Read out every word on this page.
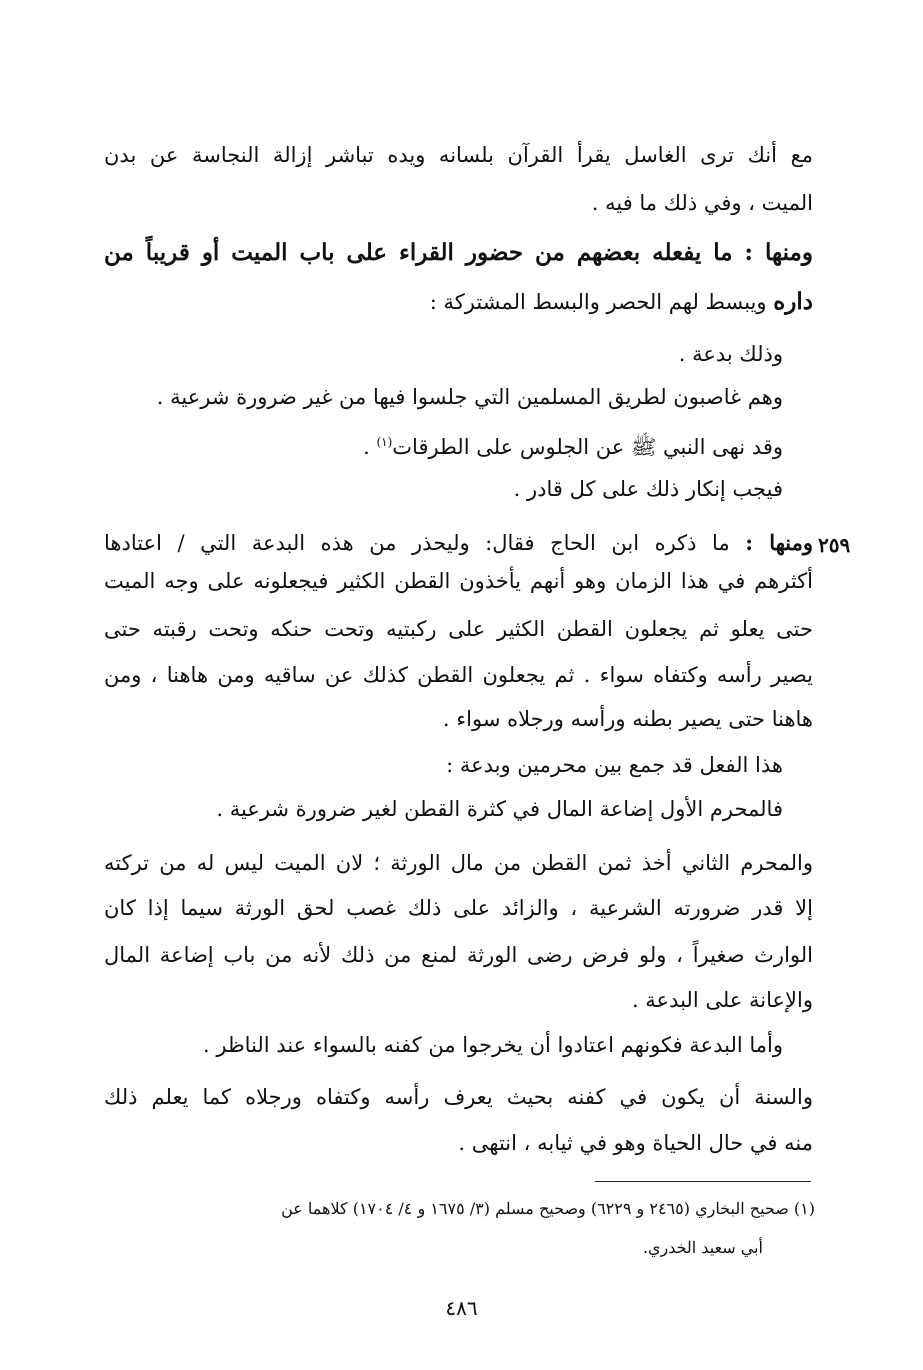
مع أنك ترى الغاسل يقرأ القرآن بلسانه ويده تباشر إزالة النجاسة عن بدن
الميت ، وفي ذلك ما فيه .
ومنها : ما يفعله بعضهم من حضور القراء على باب الميت أو قريباً من
داره ويبسط لهم الحصر والبسط المشتركة :
وذلك بدعة .
وهم غاصبون لطريق المسلمين التي جلسوا فيها من غير ضرورة شرعية .
وقد نهى النبي ﷺ عن الجلوس على الطرقات$^{(١)}$ .
فيجب إنكار ذلك على كل قادر .
٢٥٩
ومنها : ما ذكره ابن الحاج فقال: وليحذر من هذه البدعة التي / اعتادها
أكثرهم في هذا الزمان وهو أنهم يأخذون القطن الكثير فيجعلونه على وجه الميت
حتى يعلو ثم يجعلون القطن الكثير على ركبتيه وتحت حنكه وتحت رقبته حتى
يصير رأسه وكتفاه سواء . ثم يجعلون القطن كذلك عن ساقيه ومن هاهنا ، ومن
هاهنا حتى يصير بطنه ورأسه ورجلاه سواء .
هذا الفعل قد جمع بين محرمين وبدعة :
فالمحرم الأول إضاعة المال في كثرة القطن لغير ضرورة شرعية .
والمحرم الثاني أخذ ثمن القطن من مال الورثة ؛ لان الميت ليس له من تركته
إلا قدر ضرورته الشرعية ، والزائد على ذلك غصب لحق الورثة سيما إذا كان
الوارث صغيراً ، ولو فرض رضى الورثة لمنع من ذلك لأنه من باب إضاعة المال
والإعانة على البدعة .
وأما البدعة فكونهم اعتادوا أن يخرجوا من كفنه بالسواء عند الناظر .
والسنة أن يكون في كفنه بحيث يعرف رأسه وكتفاه ورجلاه كما يعلم ذلك
منه في حال الحياة وهو في ثيابه ، انتهى .
(١) صحيح البخاري (٢٤٦٥ و ٦٢٢٩) وصحيح مسلم (٣/ ١٦٧٥ و ٤/ ١٧٠٤) كلاهما عن
أبي سعيد الخدري.
٤٨٦
